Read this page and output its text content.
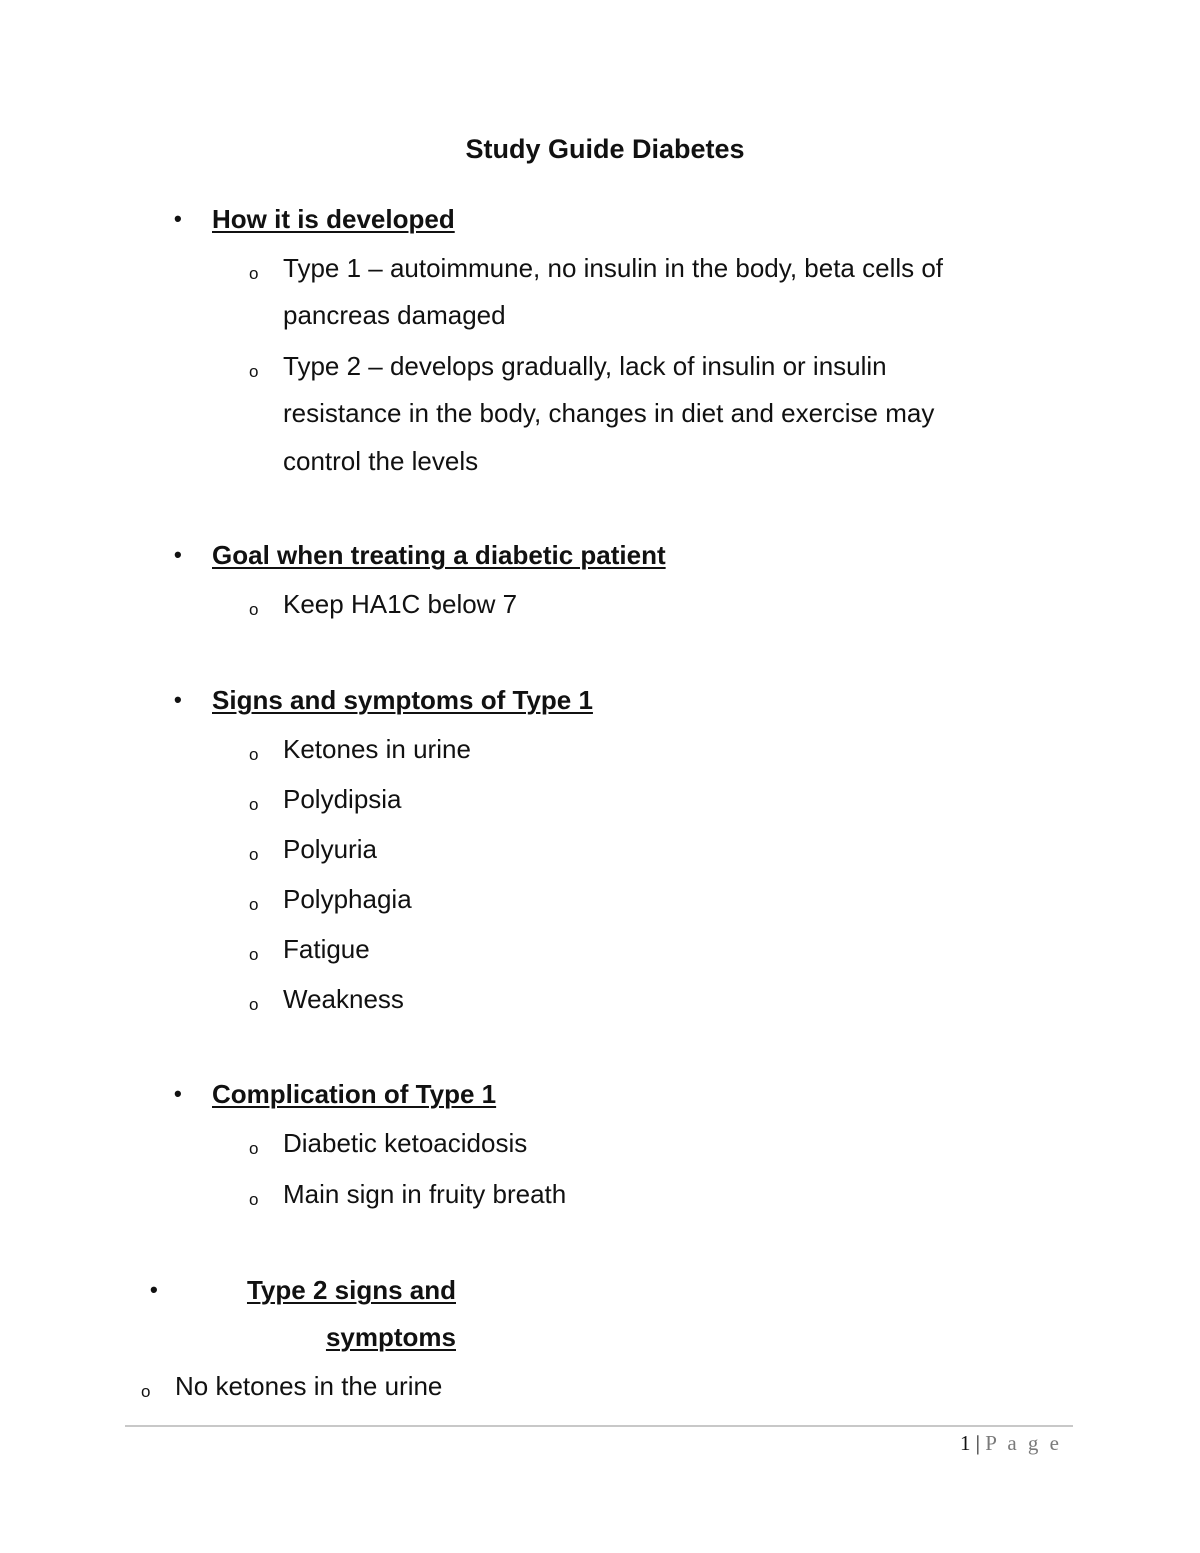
Study Guide Diabetes
• How it is developed
o Type 1 – autoimmune, no insulin in the body, beta cells of
pancreas damaged
o Type 2 – develops gradually, lack of insulin or insulin
resistance in the body, changes in diet and exercise may
control the levels
• Goal when treating a diabetic patient
o Keep HA1C below 7
• Signs and symptoms of Type 1
o Ketones in urine
o Polydipsia
o Polyuria
o Polyphagia
o Fatigue
o Weakness
• Complication of Type 1
o Diabetic ketoacidosis
o Main sign in fruity breath
•	Type 2 signs and
symptoms
o No ketones in the urine
1 | P a g e
